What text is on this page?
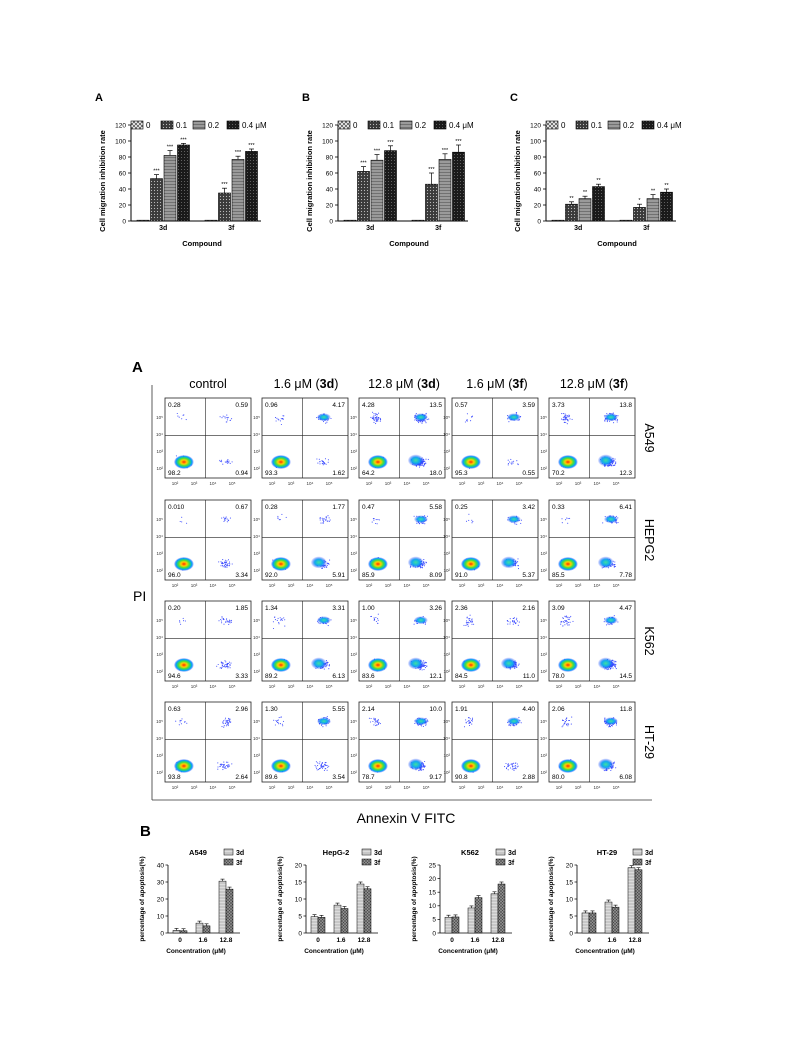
A
0
20
40
60
80
100
120
Cell migration inhibition rate
0	0.1	0.2	0.4 μM
***
***
***
3d
***
***
***
3f
Compound
B
0
20
40
60
80
100
120
Cell migration inhibition rate
0	0.1	0.2	0.4 μM
***
***
***
3d
***
***
***
3f
Compound
C
0
20
40
60
80
100
120
Cell migration inhibition rate
0	0.1	0.2	0.4 μM
**
**
**
3d
*
**
**
3f
Compound
A
PI
Annexin V FITC
control	1.6 μM (3d) 12.8 μM (3d) 1.6 μM (3f)	12.8 μM (3f)
A549
HEPG2
K562
HT-29
10²
10²
10³
10³
10⁴
10⁴
10⁵
10⁵
0.28	0.59
98.2	0.94
10²
10²
10³
10³
10⁴
10⁴
10⁵
10⁵
0.96	4.17
93.3	1.62
10²
10²
10³
10³
10⁴
10⁴
10⁵
10⁵
4.28	13.5
64.2	18.0
10²
10²
10³
10³
10⁴
10⁴
10⁵
10⁵
0.57	3.59
95.3	0.55
10²
10²
10³
10³
10⁴
10⁴
10⁵
10⁵
3.73	13.8
70.2	12.3
10²
10²
10³
10³
10⁴
10⁴
10⁵
10⁵
0.010	0.67
96.0	3.34
10²
10²
10³
10³
10⁴
10⁴
10⁵
10⁵
0.28	1.77
92.0	5.91
10²
10²
10³
10³
10⁴
10⁴
10⁵
10⁵
0.47	5.58
85.9	8.09
10²
10²
10³
10³
10⁴
10⁴
10⁵
10⁵
0.25	3.42
91.0	5.37
10²
10²
10³
10³
10⁴
10⁴
10⁵
10⁵
0.33	6.41
85.5	7.78
10²
10²
10³
10³
10⁴
10⁴
10⁵
10⁵
0.20	1.85
94.6	3.33
10²
10²
10³
10³
10⁴
10⁴
10⁵
10⁵
1.34	3.31
89.2	6.13
10²
10²
10³
10³
10⁴
10⁴
10⁵
10⁵
1.00	3.26
83.6	12.1
10²
10²
10³
10³
10⁴
10⁴
10⁵
10⁵
2.36	2.16
84.5	11.0
10²
10²
10³
10³
10⁴
10⁴
10⁵
10⁵
3.09	4.47
78.0	14.5
10²
10²
10³
10³
10⁴
10⁴
10⁵
10⁵
0.63	2.96
93.8	2.64
10²
10²
10³
10³
10⁴
10⁴
10⁵
10⁵
1.30	5.55
89.6	3.54
10²
10²
10³
10³
10⁴
10⁴
10⁵
10⁵
2.14	10.0
78.7	9.17
10²
10²
10³
10³
10⁴
10⁴
10⁵
10⁵
1.91	4.40
90.8	2.88
10²
10²
10³
10³
10⁴
10⁴
10⁵
10⁵
2.06	11.8
80.0	6.08
B
A549
0
10
20
30
40
percentage of apoptosis(%)
3d
3f
0	1.6 12.8
Concentration (μM)
HepG-2
0
5
10
15
20
percentage of apoptosis(%)
3d
3f
0	1.6 12.8
Concentration (μM)
K562
0
5
10
15
20
25
percentage of apoptosis(%)
3d
3f
0	1.6 12.8
Concentration (μM)
HT-29
0
5
10
15
20
percentage of apoptosis(%)
3d
3f
0	1.6 12.8
Concentration (μM)
